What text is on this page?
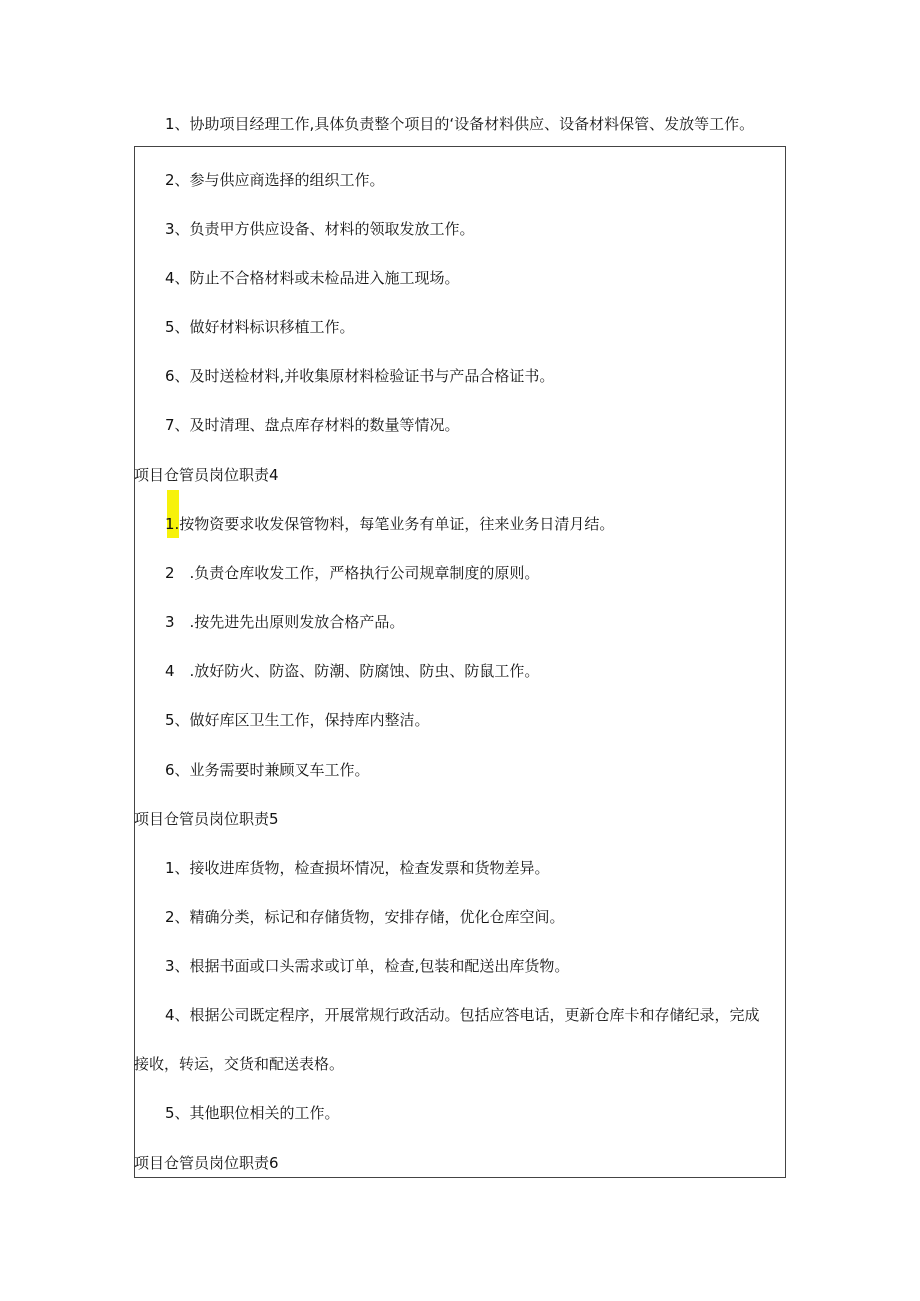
1、协助项目经理工作,具体负责整个项目的‘设备材料供应、设备材料保管、发放等工作。
2、参与供应商选择的组织工作。
3、负责甲方供应设备、材料的领取发放工作。
4、防止不合格材料或未检品进入施工现场。
5、做好材料标识移植工作。
6、及时送检材料,并收集原材料检验证书与产品合格证书。
7、及时清理、盘点库存材料的数量等情况。
项目仓管员岗位职责4
1.按物资要求收发保管物料，每笔业务有单证，往来业务日清月结。
2　.负责仓库收发工作，严格执行公司规章制度的原则。
3　.按先进先出原则发放合格产品。
4　.放好防火、防盗、防潮、防腐蚀、防虫、防鼠工作。
5、做好库区卫生工作，保持库内整洁。
6、业务需要时兼顾叉车工作。
项目仓管员岗位职责5
1、接收进库货物，检查损坏情况，检查发票和货物差异。
2、精确分类，标记和存储货物，安排存储，优化仓库空间。
3、根据书面或口头需求或订单，检查,包装和配送出库货物。
4、根据公司既定程序，开展常规行政活动。包括应答电话，更新仓库卡和存储纪录，完成
接收，转运，交货和配送表格。
5、其他职位相关的工作。
项目仓管员岗位职责6
